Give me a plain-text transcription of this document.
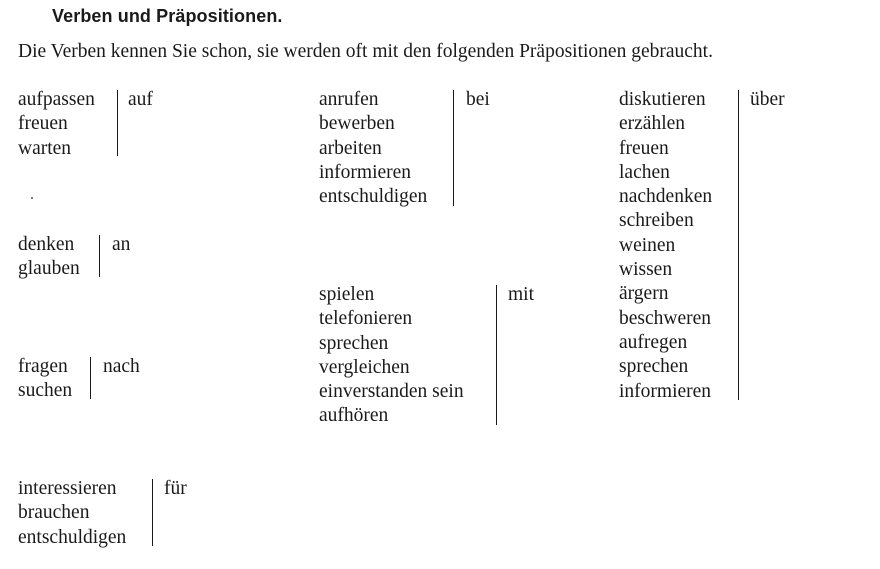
Verben und Präpositionen.
Die Verben kennen Sie schon, sie werden oft mit den folgenden Präpositionen gebraucht.
aufpassen
freuen
warten
auf
denken
glauben
an
fragen
suchen
nach
interessieren
brauchen
entschuldigen
für
anrufen
bewerben
arbeiten
informieren
entschuldigen
bei
spielen
telefonieren
sprechen
vergleichen
einverstanden sein
aufhören
mit
diskutieren
erzählen
freuen
lachen
nachdenken
schreiben
weinen
wissen
ärgern
beschweren
aufregen
sprechen
informieren
über
